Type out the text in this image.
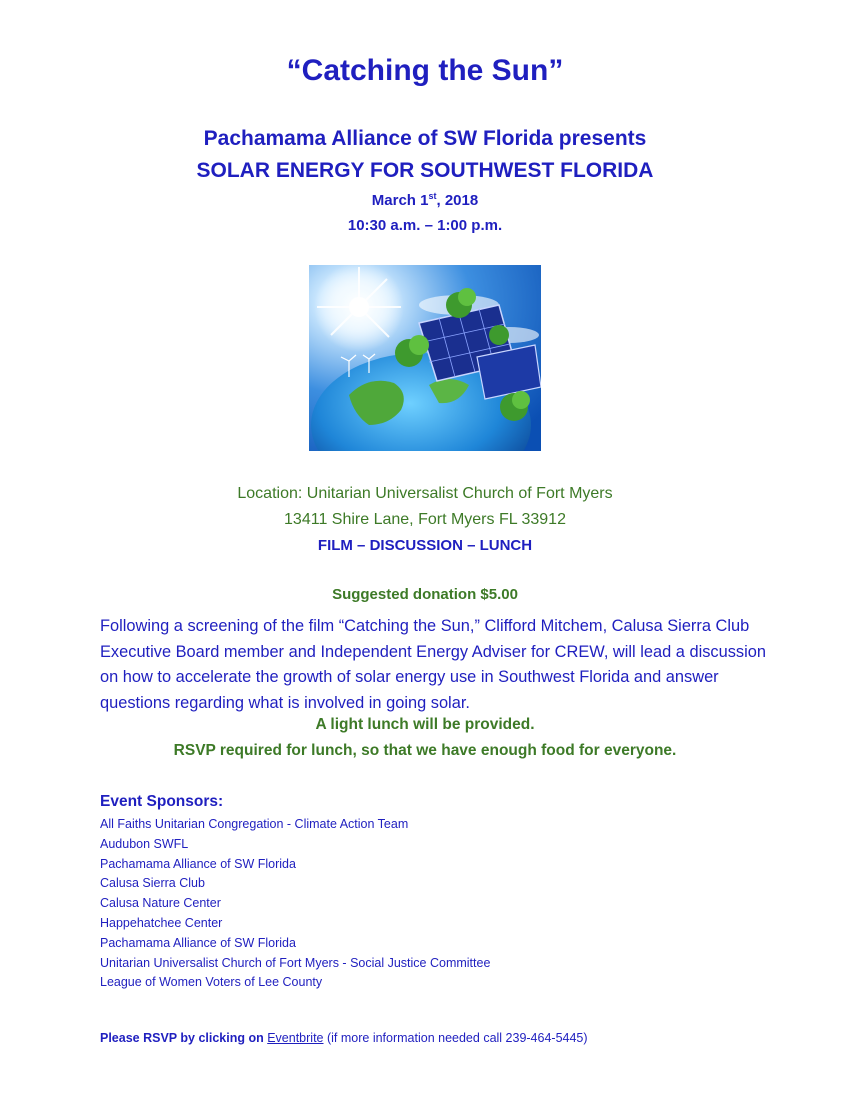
“Catching the Sun”
Pachamama Alliance of SW Florida presents
SOLAR ENERGY FOR SOUTHWEST FLORIDA
March 1st, 2018
10:30 a.m. – 1:00 p.m.
Location: Unitarian Universalist Church of Fort Myers
13411 Shire Lane, Fort Myers FL 33912
FILM – DISCUSSION – LUNCH
Suggested donation $5.00

Following a screening of the film “Catching the Sun,” Clifford Mitchem, Calusa Sierra Club Executive Board member and Independent Energy Adviser for CREW, will lead a discussion on how to accelerate the growth of solar energy use in Southwest Florida and answer questions regarding what is involved in going solar.

A light lunch will be provided.
RSVP required for lunch, so that we have enough food for everyone.
Event Sponsors:
All Faiths Unitarian Congregation - Climate Action Team
Audubon SWFL
Pachamama Alliance of SW Florida
Calusa Sierra Club
Calusa Nature Center
Happehatchee Center
Pachamama Alliance of SW Florida
Unitarian Universalist Church of Fort Myers - Social Justice Committee
League of Women Voters of Lee County

Please RSVP by clicking on Eventbrite (if more information needed call 239-464-5445)
